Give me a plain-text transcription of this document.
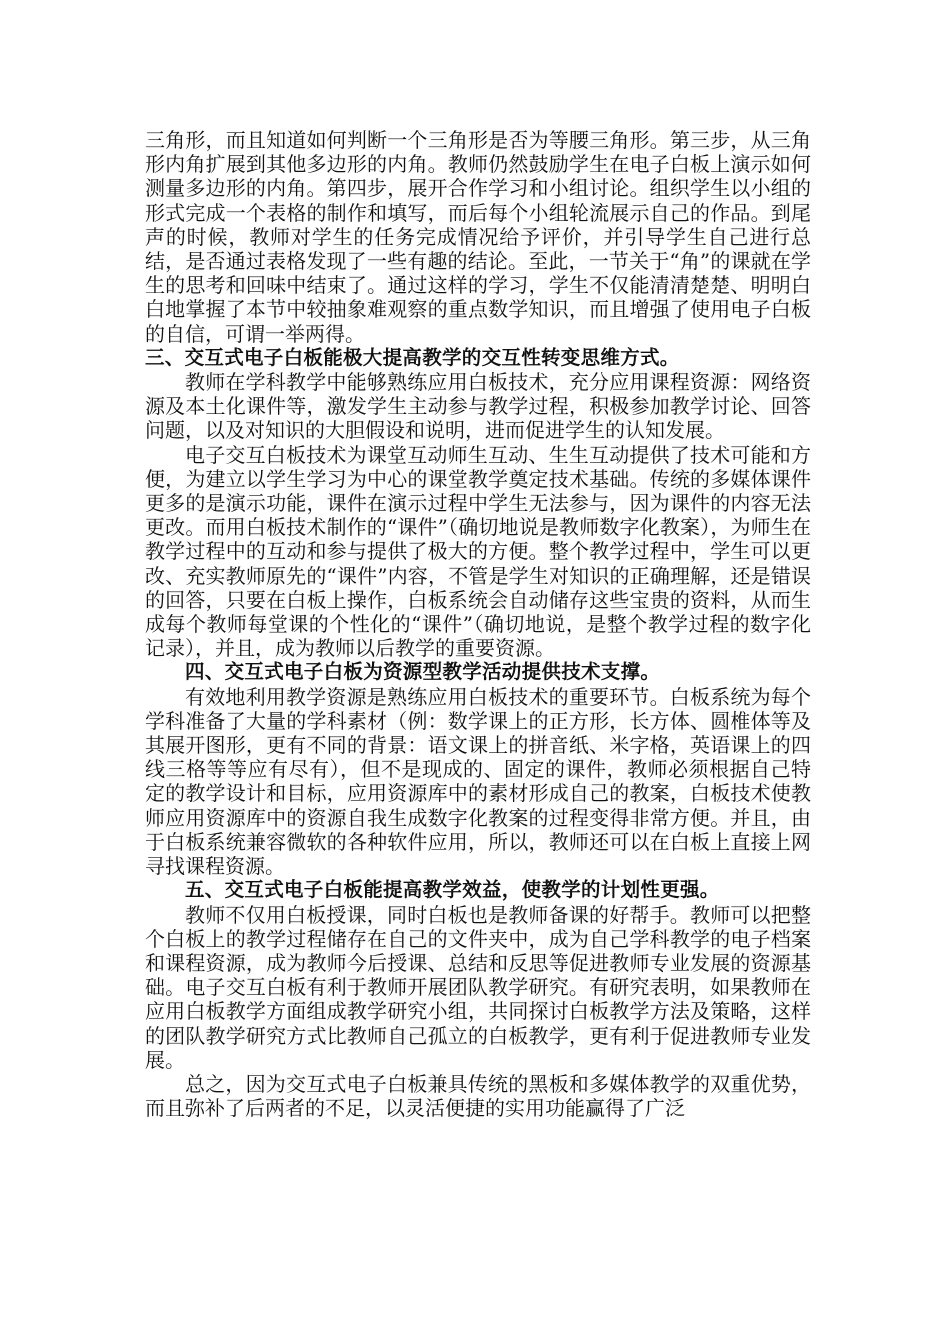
三角形，而且知道如何判断一个三角形是否为等腰三角形。第三步，从三角形内角扩展到其他多边形的内角。教师仍然鼓励学生在电子白板上演示如何测量多边形的内角。第四步，展开合作学习和小组讨论。组织学生以小组的形式完成一个表格的制作和填写，而后每个小组轮流展示自己的作品。到尾声的时候，教师对学生的任务完成情况给予评价，并引导学生自己进行总结，是否通过表格发现了一些有趣的结论。至此，一节关于“角”的课就在学生的思考和回味中结束了。通过这样的学习，学生不仅能清清楚楚、明明白白地掌握了本节中较抽象难观察的重点数学知识，而且增强了使用电子白板的自信，可谓一举两得。

三、交互式电子白板能极大提高教学的交互性转变思维方式。

教师在学科教学中能够熟练应用白板技术，充分应用课程资源：网络资源及本土化课件等，激发学生主动参与教学过程，积极参加教学讨论、回答问题，以及对知识的大胆假设和说明，进而促进学生的认知发展。

电子交互白板技术为课堂互动师生互动、生生互动提供了技术可能和方便，为建立以学生学习为中心的课堂教学奠定技术基础。传统的多媒体课件更多的是演示功能，课件在演示过程中学生无法参与，因为课件的内容无法更改。而用白板技术制作的“课件”（确切地说是教师数字化教案），为师生在教学过程中的互动和参与提供了极大的方便。整个教学过程中，学生可以更改、充实教师原先的“课件”内容，不管是学生对知识的正确理解，还是错误的回答，只要在白板上操作，白板系统会自动储存这些宝贵的资料，从而生成每个教师每堂课的个性化的“课件”（确切地说，是整个教学过程的数字化记录），并且，成为教师以后教学的重要资源。

四、交互式电子白板为资源型教学活动提供技术支撑。

有效地利用教学资源是熟练应用白板技术的重要环节。白板系统为每个学科准备了大量的学科素材（例：数学课上的正方形，长方体、圆椎体等及其展开图形，更有不同的背景：语文课上的拼音纸、米字格，英语课上的四线三格等等应有尽有），但不是现成的、固定的课件，教师必须根据自己特定的教学设计和目标，应用资源库中的素材形成自己的教案，白板技术使教师应用资源库中的资源自我生成数字化教案的过程变得非常方便。并且，由于白板系统兼容微软的各种软件应用，所以，教师还可以在白板上直接上网寻找课程资源。

五、交互式电子白板能提高教学效益，使教学的计划性更强。

教师不仅用白板授课，同时白板也是教师备课的好帮手。教师可以把整个白板上的教学过程储存在自己的文件夹中，成为自己学科教学的电子档案和课程资源，成为教师今后授课、总结和反思等促进教师专业发展的资源基础。电子交互白板有利于教师开展团队教学研究。有研究表明，如果教师在应用白板教学方面组成教学研究小组，共同探讨白板教学方法及策略，这样的团队教学研究方式比教师自己孤立的白板教学，更有利于促进教师专业发展。

总之，因为交互式电子白板兼具传统的黑板和多媒体教学的双重优势，而且弥补了后两者的不足，以灵活便捷的实用功能赢得了广泛
